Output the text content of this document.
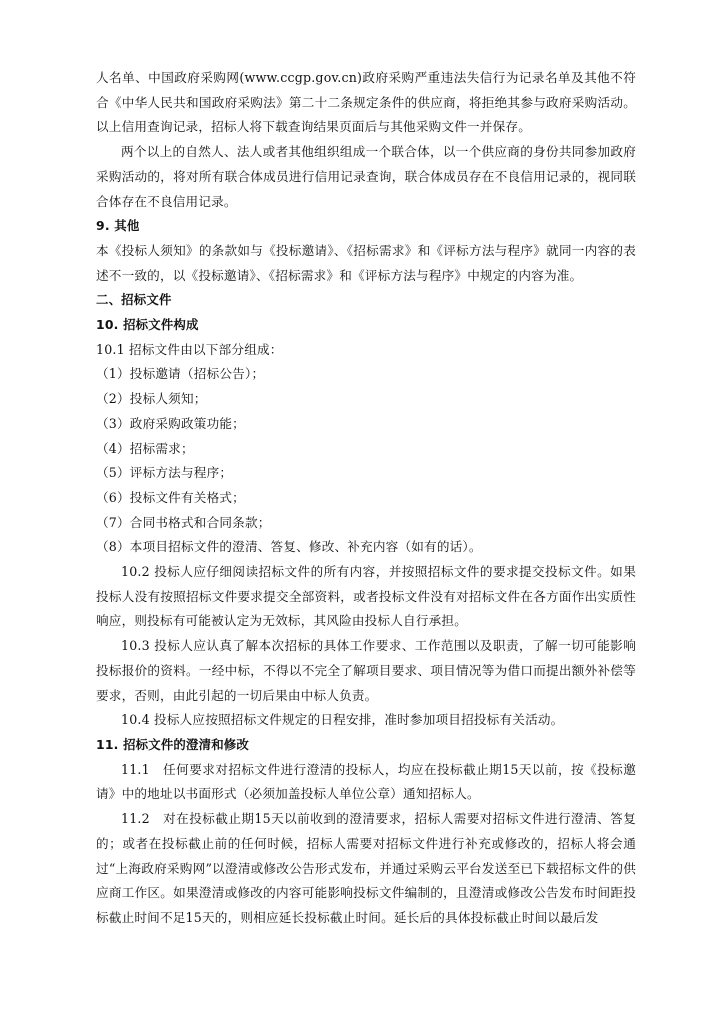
人名单、中国政府采购网(www.ccgp.gov.cn)政府采购严重违法失信行为记录名单及其他不符合《中华人民共和国政府采购法》第二十二条规定条件的供应商，将拒绝其参与政府采购活动。以上信用查询记录，招标人将下载查询结果页面后与其他采购文件一并保存。

两个以上的自然人、法人或者其他组织组成一个联合体，以一个供应商的身份共同参加政府采购活动的，将对所有联合体成员进行信用记录查询，联合体成员存在不良信用记录的，视同联合体存在不良信用记录。

9. 其他

本《投标人须知》的条款如与《投标邀请》、《招标需求》和《评标方法与程序》就同一内容的表述不一致的，以《投标邀请》、《招标需求》和《评标方法与程序》中规定的内容为准。

二、招标文件

10. 招标文件构成

10.1 招标文件由以下部分组成：

（1）投标邀请（招标公告）；

（2）投标人须知；

（3）政府采购政策功能；

（4）招标需求；

（5）评标方法与程序；

（6）投标文件有关格式；

（7）合同书格式和合同条款；

（8）本项目招标文件的澄清、答复、修改、补充内容（如有的话）。

10.2 投标人应仔细阅读招标文件的所有内容，并按照招标文件的要求提交投标文件。如果投标人没有按照招标文件要求提交全部资料，或者投标文件没有对招标文件在各方面作出实质性响应，则投标有可能被认定为无效标，其风险由投标人自行承担。

10.3 投标人应认真了解本次招标的具体工作要求、工作范围以及职责，了解一切可能影响投标报价的资料。一经中标，不得以不完全了解项目要求、项目情况等为借口而提出额外补偿等要求，否则，由此引起的一切后果由中标人负责。

10.4 投标人应按照招标文件规定的日程安排，准时参加项目招投标有关活动。

11. 招标文件的澄清和修改

11.1　任何要求对招标文件进行澄清的投标人，均应在投标截止期15天以前，按《投标邀请》中的地址以书面形式（必须加盖投标人单位公章）通知招标人。

11.2　对在投标截止期15天以前收到的澄清要求，招标人需要对招标文件进行澄清、答复的；或者在投标截止前的任何时候，招标人需要对招标文件进行补充或修改的，招标人将会通过“上海政府采购网”以澄清或修改公告形式发布，并通过采购云平台发送至已下载招标文件的供应商工作区。如果澄清或修改的内容可能影响投标文件编制的，且澄清或修改公告发布时间距投标截止时间不足15天的，则相应延长投标截止时间。延长后的具体投标截止时间以最后发
